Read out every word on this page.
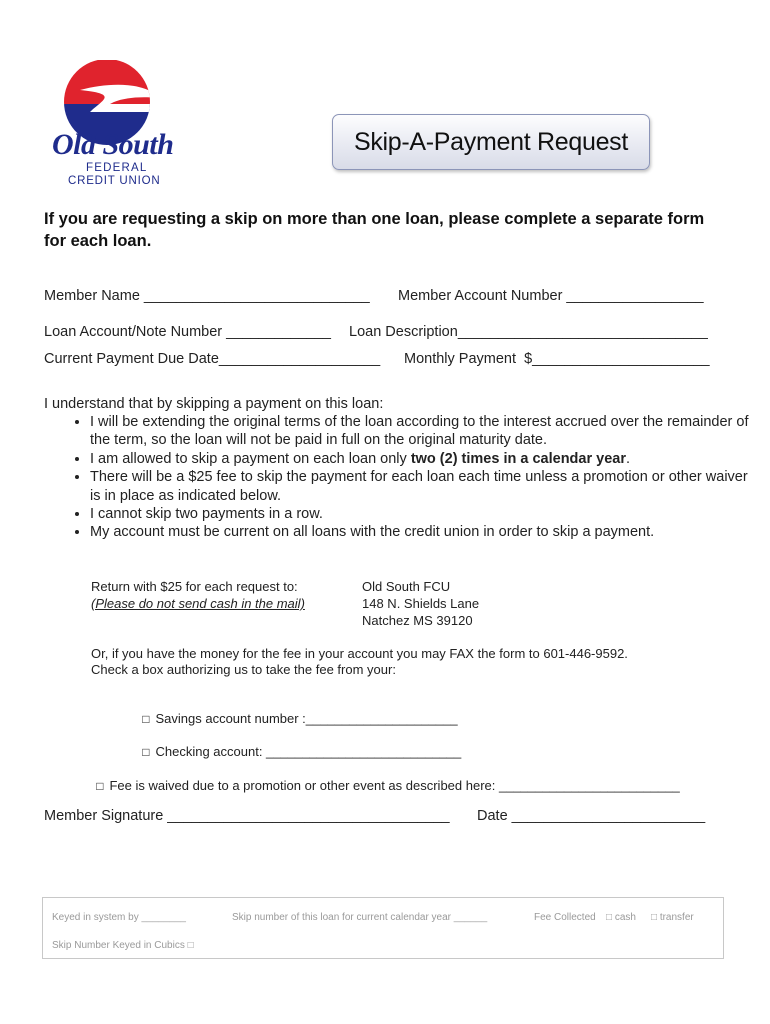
Old South
FEDERAL
CREDIT UNION
Skip-A-Payment Request
If you are requesting a skip on more than one loan, please complete a separate form for each loan.
Member Name ____________________________ Member Account Number _________________
Loan Account/Note Number _____________ Loan Description_______________________________
Current Payment Due Date____________________ Monthly Payment  $______________________
I understand that by skipping a payment on this loan:
• I will be extending the original terms of the loan according to the interest accrued over the remainder of the term, so the loan will not be paid in full on the original maturity date.
• I am allowed to skip a payment on each loan only two (2) times in a calendar year.
• There will be a $25 fee to skip the payment for each loan each time unless a promotion or other waiver is in place as indicated below.
• I cannot skip two payments in a row.
• My account must be current on all loans with the credit union in order to skip a payment.
Return with $25 for each request to:
(Please do not send cash in the mail)
Old South FCU
148 N. Shields Lane
Natchez MS 39120
Or, if you have the money for the fee in your account you may FAX the form to 601-446-9592.
Check a box authorizing us to take the fee from your:

□ Savings account number :_____________________

□ Checking account: ___________________________

□ Fee is waived due to a promotion or other event as described here: _________________________

Member Signature ___________________________________ Date ________________________
Keyed in system by ________	Skip number of this loan for current calendar year ______	Fee Collected □ cash □ transfer
Skip Number Keyed in Cubics □
